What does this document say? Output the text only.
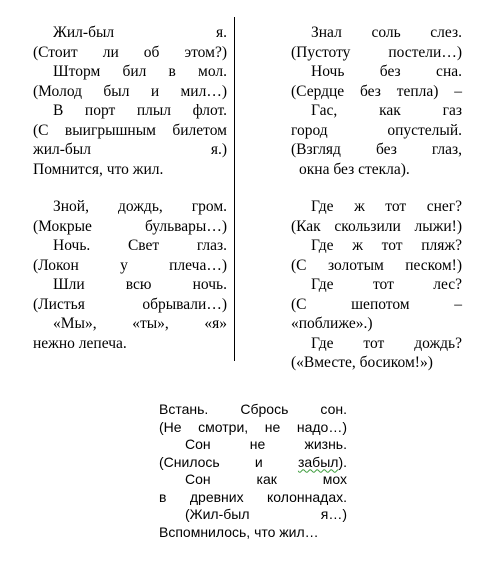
Жил-был я.
(Стоит ли об этом?)
Шторм бил в мол.
(Молод был и мил…)
В порт плыл флот.
(С выигрышным билетом
жил-был я.)
Помнится, что жил.
Зной, дождь, гром.
(Мокрые бульвары…)
Ночь. Свет глаз.
(Локон у плеча…)
Шли всю ночь.
(Листья обрывали…)
«Мы», «ты», «я»
нежно лепеча.
Знал соль слез.
(Пустоту постели…)
Ночь без сна.
(Сердце без тепла) –
Гас, как газ
город опустелый.
(Взгляд без глаз,
окна без стекла).
Где ж тот снег?
(Как скользили лыжи!)
Где ж тот пляж?
(С золотым песком!)
Где тот лес?
(С шепотом –
«поближе».)
Где тот дождь?
(«Вместе, босиком!»)
Встань. Сбрось сон.
(Не смотри, не надо…)
Сон не жизнь.
(Снилось и забыл).
Сон как мох
в древних колоннадах.
(Жил-был я…)
Вспомнилось, что жил…
